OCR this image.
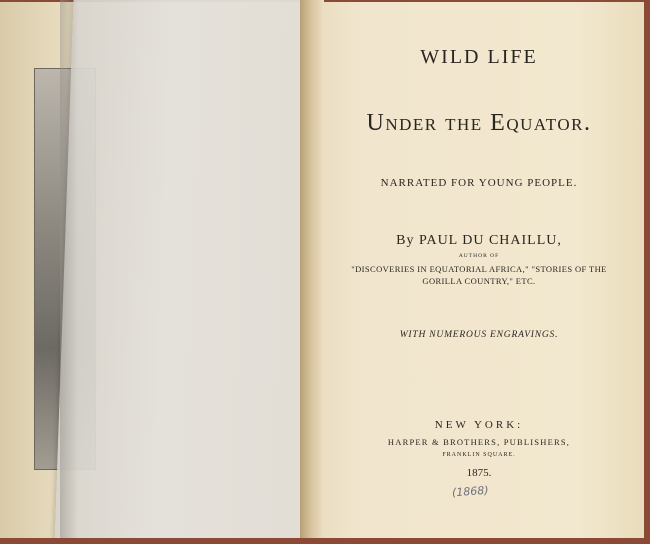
WILD LIFE
Under the Equator.
NARRATED FOR YOUNG PEOPLE.
By PAUL DU CHAILLU,
AUTHOR OF
"DISCOVERIES IN EQUATORIAL AFRICA," "STORIES OF THE
GORILLA COUNTRY," ETC.
WITH NUMEROUS ENGRAVINGS.
NEW YORK:
HARPER & BROTHERS, PUBLISHERS,
FRANKLIN SQUARE.
1875.
(1868)
